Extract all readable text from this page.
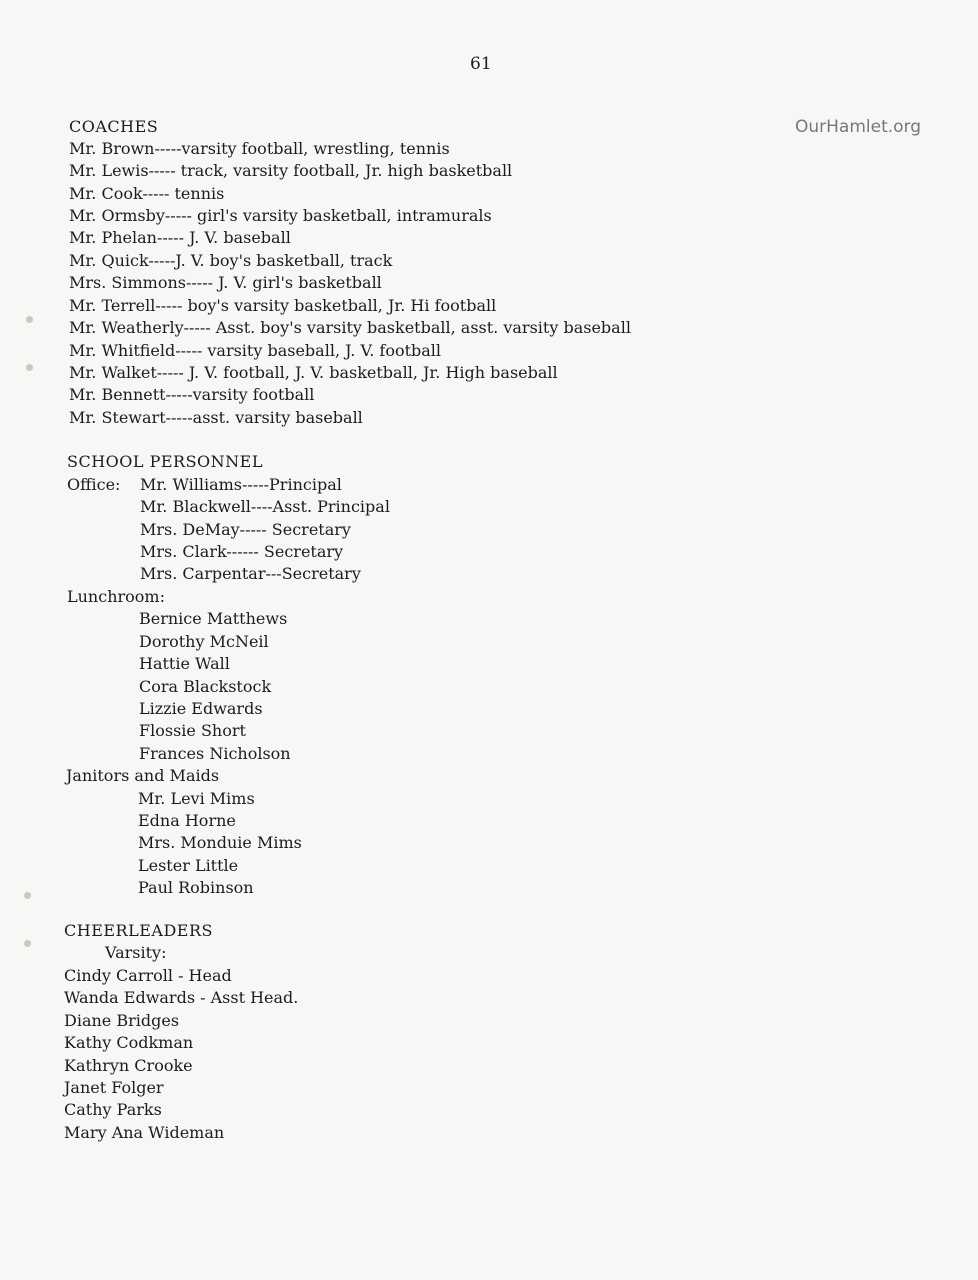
61
OurHamlet.org
COACHES
Mr. Brown-----varsity football, wrestling, tennis
Mr. Lewis----- track, varsity football, Jr. high basketball
Mr. Cook----- tennis
Mr. Ormsby----- girl's varsity basketball, intramurals
Mr. Phelan----- J. V. baseball
Mr. Quick-----J. V. boy's basketball, track
Mrs. Simmons----- J. V. girl's basketball
Mr. Terrell----- boy's varsity basketball, Jr. Hi football
Mr. Weatherly----- Asst. boy's varsity basketball, asst. varsity baseball
Mr. Whitfield----- varsity baseball, J. V. football
Mr. Walket----- J. V. football, J. V. basketball, Jr. High baseball
Mr. Bennett-----varsity football
Mr. Stewart-----asst. varsity baseball
SCHOOL PERSONNEL
Office: Mr. Williams-----Principal
Mr. Blackwell----Asst. Principal
Mrs. DeMay----- Secretary
Mrs. Clark------ Secretary
Mrs. Carpentar---Secretary
Lunchroom:
Bernice Matthews
Dorothy McNeil
Hattie Wall
Cora Blackstock
Lizzie Edwards
Flossie Short
Frances Nicholson
Janitors and Maids
Mr. Levi Mims
Edna Horne
Mrs. Monduie Mims
Lester Little
Paul Robinson
CHEERLEADERS
Varsity:
Cindy Carroll - Head
Wanda Edwards - Asst Head.
Diane Bridges
Kathy Codkman
Kathryn Crooke
Janet Folger
Cathy Parks
Mary Ana Wideman
